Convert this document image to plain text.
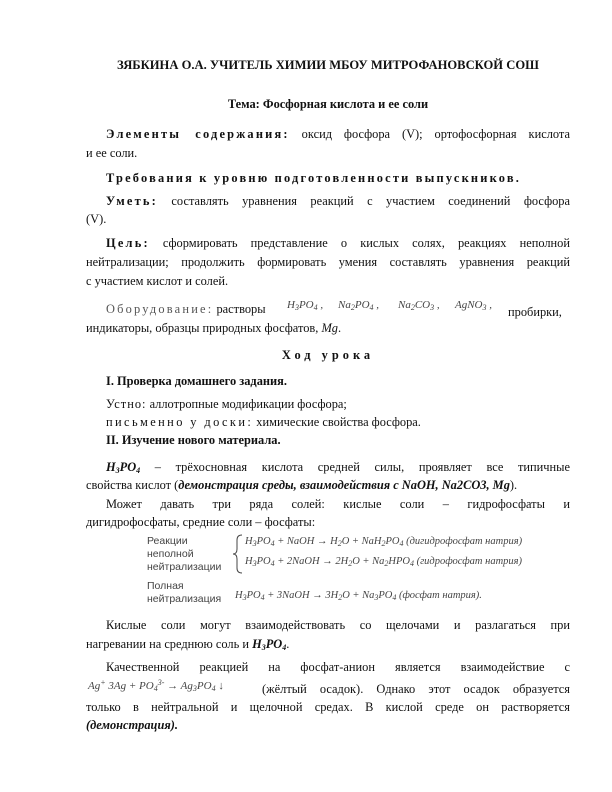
ЗЯБКИНА О.А. УЧИТЕЛЬ ХИМИИ МБОУ МИТРОФАНОВСКОЙ СОШ
Тема: Фосфорная кислота и ее соли
Элементы содержания: оксид фосфора (V); ортофосфорная кислота
и ее соли.
Требования к уровню подготовленности выпускников.
Уметь: составлять уравнения реакций с участием соединений фосфора
(V).
Цель: сформировать представление о кислых солях, реакциях неполной
нейтрализации; продолжить формировать умения составлять уравнения реакций
с участием кислот и солей.
Оборудование: растворы	$H_3PO_4$ , $Na_2PO_4$ , $Na_2CO_3$ , AgNO$_3$ , пробирки,
индикаторы, образцы природных фосфатов, Mg.
Ход урока
I. Проверка домашнего задания.
Устно: аллотропные модификации фосфора;
письменно у доски: химические свойства фосфора.
II. Изучение нового материала.
$H_3PO_4$ – трёхосновная кислота средней силы, проявляет все типичные
свойства кислот (демонстрация среды, взаимодействия с NaOH, Na2CO3, Mg).
Может давать три ряда солей: кислые соли – гидрофосфаты и
дигидрофосфаты, средние соли – фосфаты:
Реакции
неполной
нейтрализации
$H_3PO_4$ + NaOH → $H_2O + NaH_2PO_4$ (дигидрофосфат натрия)
$H_3PO_4$ + 2NaOH → $2H_2O + Na_2HPO_4$ (гидрофосфат натрия)
Полная
нейтрализация $H_3PO_4$ + 3NaOH → $3H_2O + Na_3PO_4$ (фосфат натрия).
Кислые соли могут взаимодействовать со щелочами и разлагаться при
нагревании на среднюю соль и $H_3PO_4$.
Качественной реакцией на фосфат-анион является взаимодействие с
Ag+ $3Ag + PO_4^{3-} \to Ag_3PO_4$ ↓	(жёлтый осадок). Однако этот осадок образуется
только в нейтральной и щелочной средах. В кислой среде он растворяется
(демонстрация).
